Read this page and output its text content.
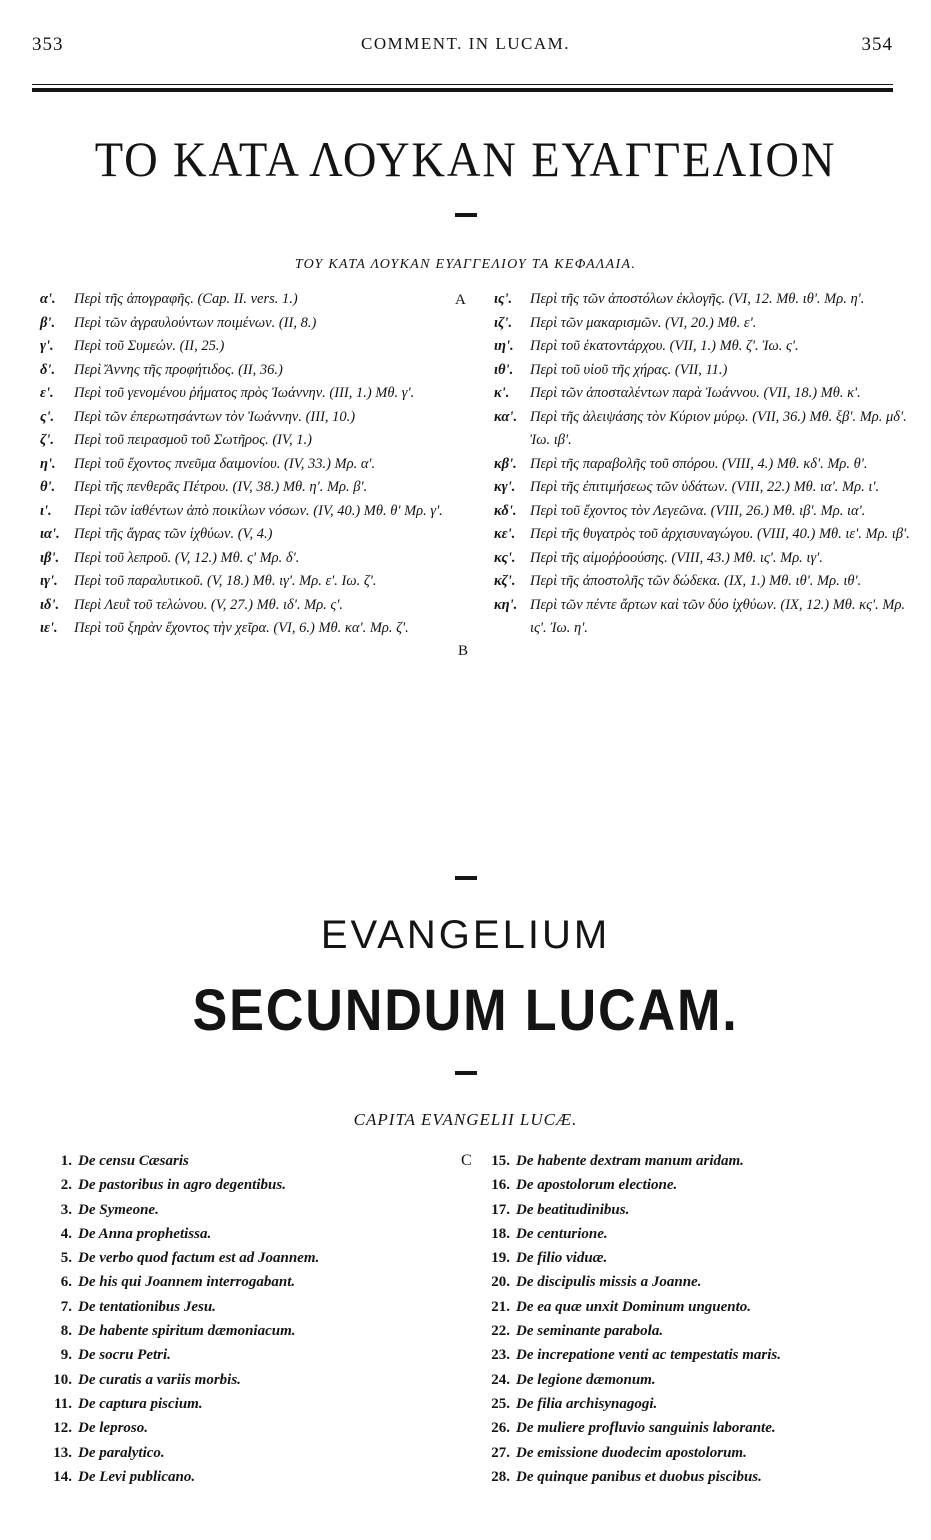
353	COMMENT. IN LUCAM.	354
ΤΟ ΚΑΤΑ ΛΟΥΚΑΝ ΕΥΑΓΓΕΛΙΟΝ
ΤΟΥ ΚΑΤΑ ΛΟΥΚΑΝ ΕΥΑΓΓΕΛΙΟΥ ΤΑ ΚΕΦΑΛΑΙΑ.
A
B

α'. Περὶ τῆς ἀπογραφῆς. (Cap. II. vers. 1.)

β'. Περὶ τῶν ἀγραυλούντων ποιμένων. (II, 8.)

γ'. Περὶ τοῦ Συμεών. (II, 25.)

δ'. Περὶ Ἄννης τῆς προφήτιδος. (II, 36.)

ε'. Περὶ τοῦ γενομένου ῥήματος πρὸς Ἰωάννην. (III, 1.) Μθ. γ'.

ς'. Περὶ τῶν ἐπερωτησάντων τὸν Ἰωάννην. (III, 10.)

ζ'. Περὶ τοῦ πειρασμοῦ τοῦ Σωτῆρος. (IV, 1.)

η'. Περὶ τοῦ ἔχοντος πνεῦμα δαιμονίου. (IV, 33.) Μρ. α'.

θ'. Περὶ τῆς πενθερᾶς Πέτρου. (IV, 38.) Μθ. η'. Μρ. β'.

ι'. Περὶ τῶν ἰαθέντων ἀπὸ ποικίλων νόσων. (IV, 40.) Μθ. θ' Μρ. γ'.

ια'. Περὶ τῆς ἄγρας τῶν ἰχθύων. (V, 4.)

ιβ'. Περὶ τοῦ λεπροῦ. (V, 12.) Μθ. ς' Μρ. δ'.

ιγ'. Περὶ τοῦ παραλυτικοῦ. (V, 18.) Μθ. ιγ'. Μρ. ε'. Ιω. ζ'.

ιδ'. Περὶ Λευῒ τοῦ τελώνου. (V, 27.) Μθ. ιδ'. Μρ. ς'.

ιε'. Περὶ τοῦ ξηρὰν ἔχοντος τὴν χεῖρα. (VI, 6.) Μθ. κα'. Μρ. ζ'.

ις'. Περὶ τῆς τῶν ἀποστόλων ἐκλογῆς. (VI, 12. Μθ. ιθ'. Μρ. η'.

ιζ'. Περὶ τῶν μακαρισμῶν. (VI, 20.) Μθ. ε'.

ιη'. Περὶ τοῦ ἑκατοντάρχου. (VII, 1.) Μθ. ζ'. Ἰω. ς'.

ιθ'. Περὶ τοῦ υἱοῦ τῆς χήρας. (VII, 11.)

κ'. Περὶ τῶν ἀποσταλέντων παρὰ Ἰωάννου. (VII, 18.) Μθ. κ'.

κα'. Περὶ τῆς ἀλειψάσης τὸν Κύριον μύρῳ. (VII, 36.) Μθ. ξβ'. Μρ. μδ'. Ἰω. ιβ'.

κβ'. Περὶ τῆς παραβολῆς τοῦ σπόρου. (VIII, 4.) Μθ. κδ'. Μρ. θ'.

κγ'. Περὶ τῆς ἐπιτιμήσεως τῶν ὑδάτων. (VIII, 22.) Μθ. ια'. Μρ. ι'.

κδ'. Περὶ τοῦ ἔχοντος τὸν Λεγεῶνα. (VIII, 26.) Μθ. ιβ'. Μρ. ια'.

κε'. Περὶ τῆς θυγατρὸς τοῦ ἀρχισυναγώγου. (VIII, 40.) Μθ. ιε'. Μρ. ιβ'.

κς'. Περὶ τῆς αἱμοῤῥοούσης. (VIII, 43.) Μθ. ις'. Μρ. ιγ'.

κζ'. Περὶ τῆς ἀποστολῆς τῶν δώδεκα. (IX, 1.) Μθ. ιθ'. Μρ. ιθ'.

κη'. Περὶ τῶν πέντε ἄρτων καὶ τῶν δύο ἰχθύων. (IX, 12.) Μθ. κς'. Μρ. ις'. Ἰω. η'.

EVANGELIUM
SECUNDUM LUCAM.
CAPITA EVANGELII LUCÆ.
C

1. De censu Cæsaris

2. De pastoribus in agro degentibus.

3. De Symeone.

4. De Anna prophetissa.

5. De verbo quod factum est ad Joannem.

6. De his qui Joannem interrogabant.

7. De tentationibus Jesu.

8. De habente spiritum dæmoniacum.

9. De socru Petri.

10. De curatis a variis morbis.

11. De captura piscium.

12. De leproso.

13. De paralytico.

14. De Levi publicano.

15. De habente dextram manum aridam.

16. De apostolorum electione.

17. De beatitudinibus.

18. De centurione.

19. De filio viduæ.

20. De discipulis missis a Joanne.

21. De ea quæ unxit Dominum unguento.

22. De seminante parabola.

23. De increpatione venti ac tempestatis maris.

24. De legione dæmonum.

25. De filia archisynagogi.

26. De muliere profluvio sanguinis laborante.

27. De emissione duodecim apostolorum.

28. De quinque panibus et duobus piscibus.
